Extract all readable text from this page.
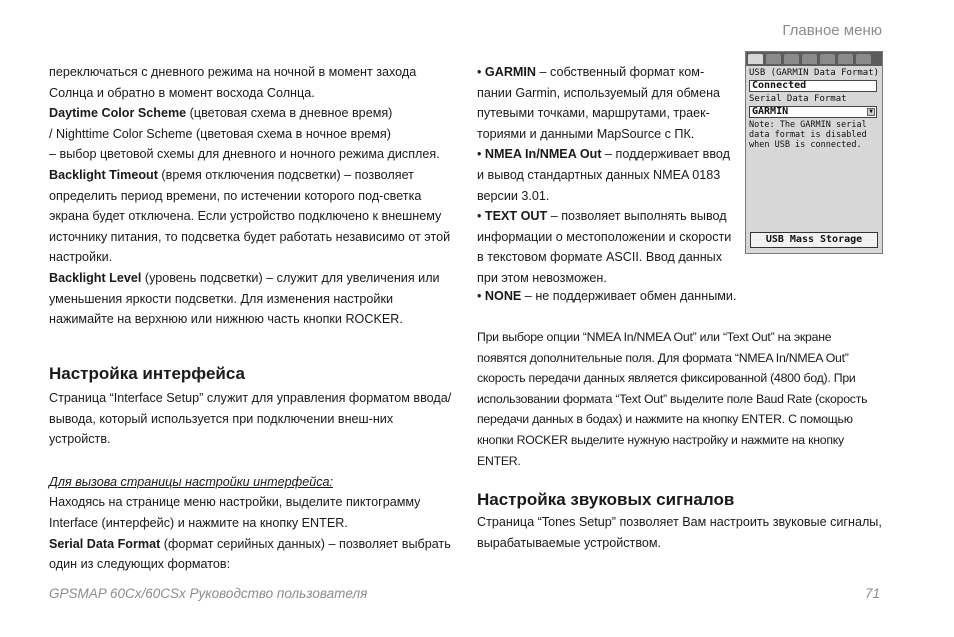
Главное меню

переключаться с дневного режима на ночной в момент захода Солнца и обратно в момент восхода Солнца.

Daytime Color Scheme (цветовая схема в дневное время)

/ Nighttime Color Scheme (цветовая схема в ночное время)

– выбор цветовой схемы для дневного и ночного режима дисплея.

Backlight Timeout (время отключения подсветки) – позволяет определить период времени, по истечении которого под-светка экрана будет отключена. Если устройство подключено к внешнему источнику питания, то подсветка будет работать независимо от этой настройки.

Backlight Level (уровень подсветки) – служит для увеличения или уменьшения яркости подсветки. Для изменения настройки нажимайте на верхнюю или нижнюю часть кнопки ROCKER.

Настройка интерфейса

Страница “Interface Setup” служит для управления форматом ввода/вывода, который используется при подключении внеш-них устройств.

Для вызова страницы настройки интерфейса:

Находясь на странице меню настройки, выделите пиктограмму Interface (интерфейс) и нажмите на кнопку ENTER.

Serial Data Format (формат серийных данных) – позволяет выбрать один из следующих форматов:

• GARMIN – собственный формат ком-пании Garmin, используемый для обмена путевыми точками, маршрутами, траек-ториями и данными MapSource с ПК.

• NMEA In/NMEA Out – поддерживает ввод и вывод стандартных данных NMEA 0183 версии 3.01.

• TEXT OUT – позволяет выполнять вывод информации о местоположении и скорости в текстовом формате ASCII. Ввод данных при этом невозможен.

• NONE – не поддерживает обмен данными.

При выборе опции “NMEA In/NMEA Out” или “Text Out” на экране появятся дополнительные поля. Для формата “NMEA In/NMEA Out” скорость передачи данных является фиксированной (4800 бод). При использовании формата “Text Out” выделите поле Baud Rate (скорость передачи данных в бодах) и нажмите на кнопку ENTER. С помощью кнопки ROCKER выделите нужную настройку и нажмите на кнопку ENTER.
Настройка звуковых сигналов
Страница “Tones Setup” позволяет Вам настроить звуковые сигналы, вырабатываемые устройством.
USB (GARMIN Data Format)
Connected
Serial Data Format
GARMIN	▼
Note: The GARMIN serial data format is disabled when USB is connected.
USB Mass Storage
GPSMAP 60Cx/60CSx Руководство пользователя	71
